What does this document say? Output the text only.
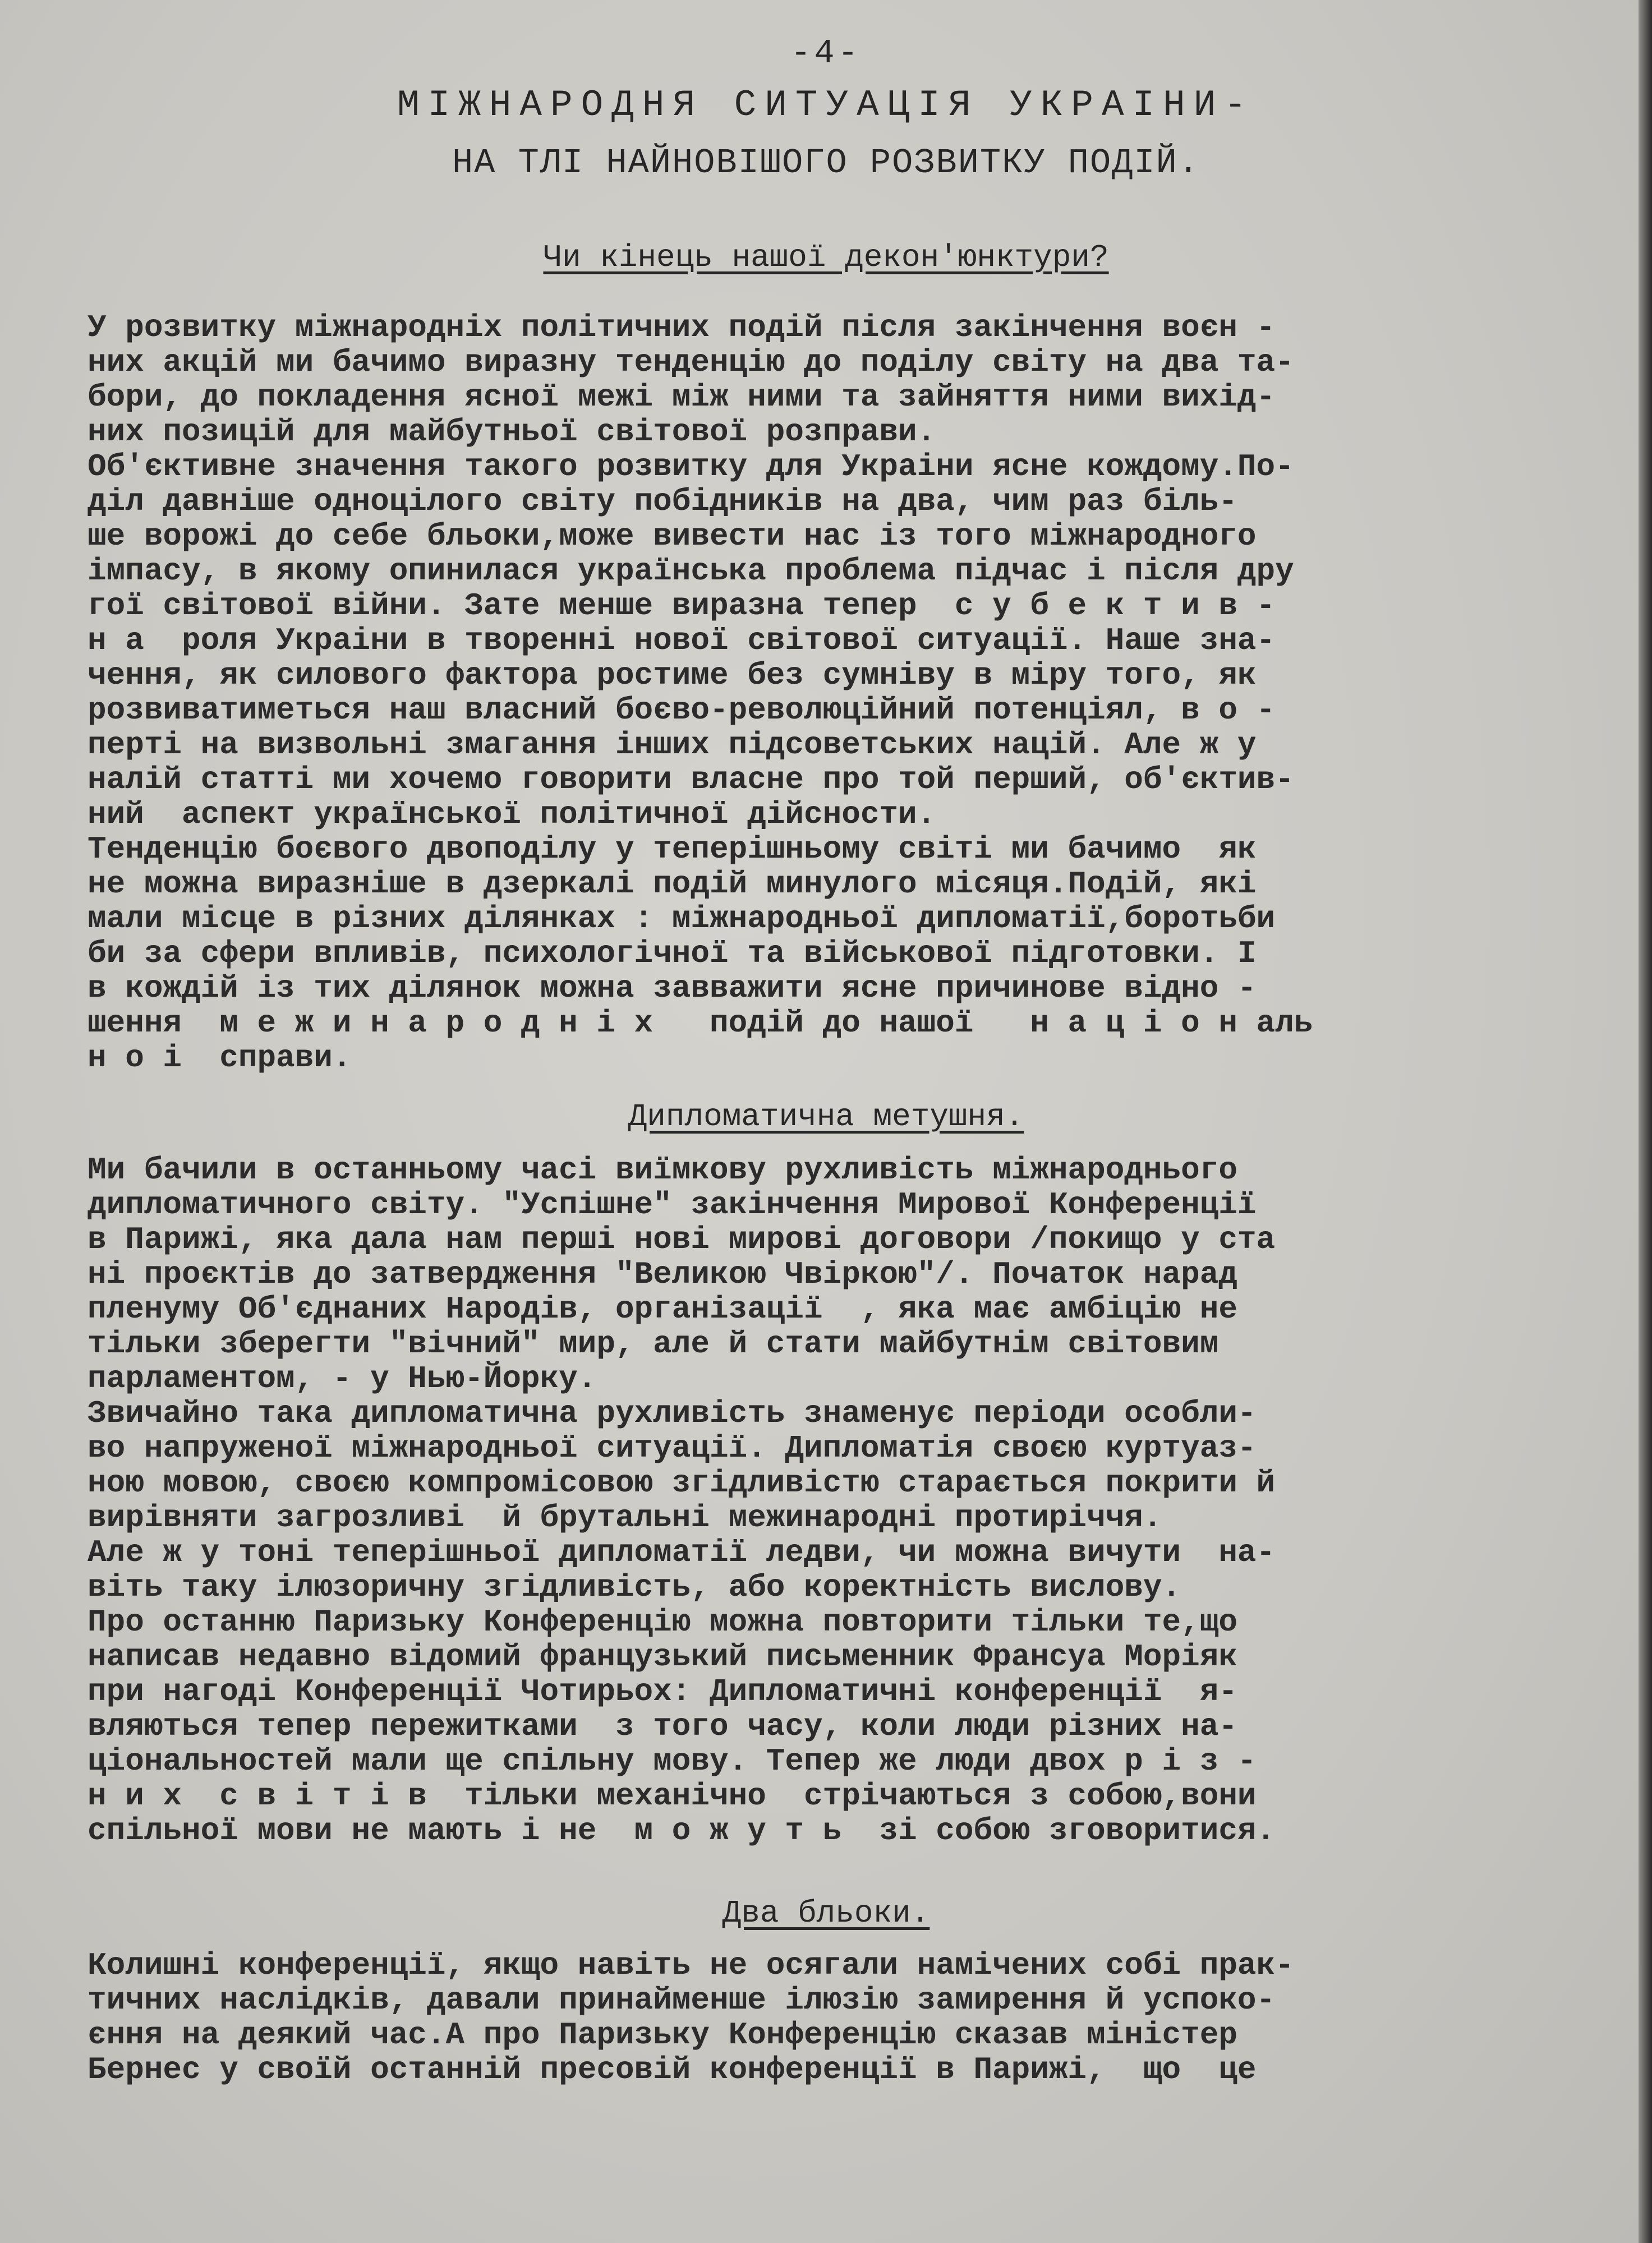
-4-
МІЖНАРОДНЯ СИТУАЦІЯ УКРАІНИ-
НА ТЛІ НАЙНОВІШОГО РОЗВИТКУ ПОДІЙ.
Чи кінець нашої декон'юнктури?
У розвитку міжнародніх політичних подій після закінчення воєн -
них акцій ми бачимо виразну тенденцію до поділу світу на два та-
бори, до покладення ясної межі між ними та зайняття ними вихід-
них позицій для майбутньої світової розправи.
Об'єктивне значення такого розвитку для Украіни ясне кождому.По-
діл давніше одноцілого світу побідників на два, чим раз біль-
ше ворожі до себе бльоки,може вивести нас із того міжнародного
імпасу, в якому опинилася українська проблема підчас і після дру
гої світової війни. Зате менше виразна тепер  с у б е к т и в -
н а  роля Украіни в творенні нової світової ситуації. Наше зна-
чення, як силового фактора ростиме без сумніву в міру того, як
розвиватиметься наш власний боєво-революційний потенціял, в о -
перті на визвольні змагання інших підсоветських націй. Але ж у
налій статті ми хочемо говорити власне про той перший, об'єктив-
ний  аспект української політичної дійсности.
Тенденцію боєвого двоподілу у теперішньому світі ми бачимо  як
не можна виразніше в дзеркалі подій минулого місяця.Подій, які
мали місце в різних ділянках : міжнародньої дипломатії,боротьби
би за сфери впливів, психологічної та військової підготовки. І
в кождій із тих ділянок можна завважити ясне причинове відно -
шення  м е ж и н а р о д н і х   подій до нашої   н а ц і о н аль
н о і  справи.
Дипломатична метушня.
Ми бачили в останньому часі виїмкову рухливість міжнароднього
дипломатичного світу. "Успішне" закінчення Мирової Конференції
в Парижі, яка дала нам перші нові мирові договори /покищо у ста
ні проєктів до затвердження "Великою Чвіркою"/. Початок нарад
пленуму Об'єднаних Народів, організації  , яка має амбіцію не
тільки зберегти "вічний" мир, але й стати майбутнім світовим
парламентом, - у Нью-Йорку.
Звичайно така дипломатична рухливість знаменує періоди особли-
во напруженої міжнародньої ситуації. Дипломатія своєю куртуаз-
ною мовою, своєю компромісовою згідливістю старається покрити й
вирівняти загрозливі  й брутальні межинародні протиріччя.
Але ж у тоні теперішньої дипломатії ледви, чи можна вичути  на-
віть таку ілюзоричну згідливість, або коректність вислову.
Про останню Паризьку Конференцію можна повторити тільки те,що
написав недавно відомий французький письменник Франсуа Моріяк
при нагоді Конференції Чотирьох: Дипломатичні конференції  я-
вляються тепер пережитками  з того часу, коли люди різних на-
ціональностей мали ще спільну мову. Тепер же люди двох р і з -
н и х  с в і т і в  тільки механічно  стрічаються з собою,вони
спільної мови не мають і не  м о ж у т ь  зі собою зговоритися.
Два бльоки.
Колишні конференції, якщо навіть не осягали намічених собі прак-
тичних наслідків, давали принайменше ілюзію замирення й успоко-
єння на деякий час.А про Паризьку Конференцію сказав міністер
Бернес у своїй останній пресовій конференції в Парижі,  що  це
